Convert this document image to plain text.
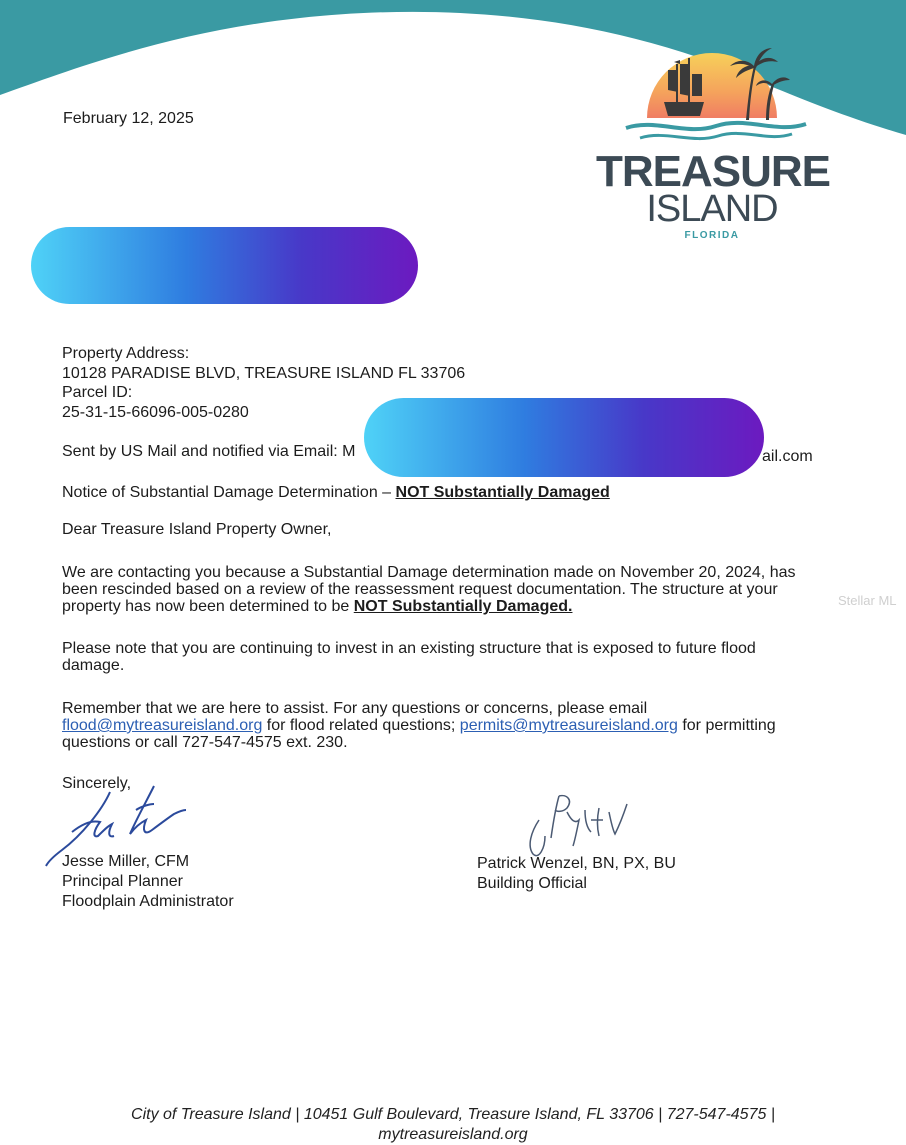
TREASURE
ISLAND
FLORIDA
February 12, 2025
Property Address:
10128 PARADISE BLVD, TREASURE ISLAND FL 33706
Parcel ID:
25-31-15-66096-005-0280
Sent by US Mail and notified via Email: M	ail.com
Notice of Substantial Damage Determination – NOT Substantially Damaged
Dear Treasure Island Property Owner,

We are contacting you because a Substantial Damage determination made on November 20, 2024, has

been rescinded based on a review of the reassessment request documentation. The structure at your

property has now been determined to be NOT Substantially Damaged.

Please note that you are continuing to invest in an existing structure that is exposed to future flood

damage.

Remember that we are here to assist. For any questions or concerns, please email

flood@mytreasureisland.org for flood related questions; permits@mytreasureisland.org for permitting

questions or call 727-547-4575 ext. 230.

Sincerely,
Jesse Miller, CFM
Principal Planner
Floodplain Administrator
Patrick Wenzel, BN, PX, BU
Building Official
Stellar ML
City of Treasure Island | 10451 Gulf Boulevard, Treasure Island, FL 33706 | 727-547-4575 |
mytreasureisland.org
